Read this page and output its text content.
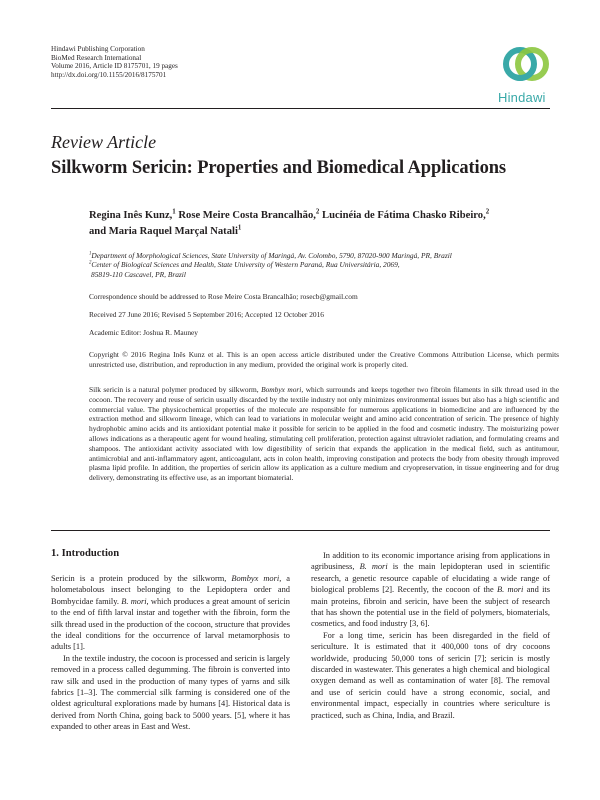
Hindawi Publishing Corporation
BioMed Research International
Volume 2016, Article ID 8175701, 19 pages
http://dx.doi.org/10.1155/2016/8175701
Hindawi
Review Article
Silkworm Sericin: Properties and Biomedical Applications
Regina Inês Kunz,$^1$ Rose Meire Costa Brancalhão,$^2$ Lucinéia de Fátima Chasko Ribeiro,$^2$
and Maria Raquel Marçal Natali$^1$
$^1$Department of Morphological Sciences, State University of Maringá, Av. Colombo, 5790, 87020-900 Maringá, PR, Brazil
$^2$Center of Biological Sciences and Health, State University of Western Paraná, Rua Universitária, 2069,
85819-110 Cascavel, PR, Brazil
Correspondence should be addressed to Rose Meire Costa Brancalhão; rosecb@gmail.com
Received 27 June 2016; Revised 5 September 2016; Accepted 12 October 2016
Academic Editor: Joshua R. Mauney
Copyright © 2016 Regina Inês Kunz et al. This is an open access article distributed under the Creative Commons Attribution License, which permits unrestricted use, distribution, and reproduction in any medium, provided the original work is properly cited.
Silk sericin is a natural polymer produced by silkworm, Bombyx mori, which surrounds and keeps together two fibroin filaments in silk thread used in the cocoon. The recovery and reuse of sericin usually discarded by the textile industry not only minimizes environmental issues but also has a high scientific and commercial value. The physicochemical properties of the molecule are responsible for numerous applications in biomedicine and are influenced by the extraction method and silkworm lineage, which can lead to variations in molecular weight and amino acid concentration of sericin. The presence of highly hydrophobic amino acids and its antioxidant potential make it possible for sericin to be applied in the food and cosmetic industry. The moisturizing power allows indications as a therapeutic agent for wound healing, stimulating cell proliferation, protection against ultraviolet radiation, and formulating creams and shampoos. The antioxidant activity associated with low digestibility of sericin that expands the application in the medical field, such as antitumour, antimicrobial and anti-inflammatory agent, anticoagulant, acts in colon health, improving constipation and protects the body from obesity through improved plasma lipid profile. In addition, the properties of sericin allow its application as a culture medium and cryopreservation, in tissue engineering and for drug delivery, demonstrating its effective use, as an important biomaterial.
1. Introduction

Sericin is a protein produced by the silkworm, Bombyx mori, a holometabolous insect belonging to the Lepidoptera order and Bombycidae family. B. mori, which produces a great amount of sericin to the end of fifth larval instar and together with the fibroin, form the silk thread used in the production of the cocoon, structure that provides the ideal conditions for the occurrence of larval metamorphosis to adults [1].

In the textile industry, the cocoon is processed and sericin is largely removed in a process called degumming. The fibroin is converted into raw silk and used in the production of many types of yarns and silk fabrics [1–3]. The commercial silk farming is considered one of the oldest agricultural explorations made by humans [4]. Historical data is derived from North China, going back to 5000 years. [5], where it has expanded to other areas in East and West.

In addition to its economic importance arising from applications in agribusiness, B. mori is the main lepidopteran used in scientific research, a genetic resource capable of elucidating a wide range of biological problems [2]. Recently, the cocoon of the B. mori and its main proteins, fibroin and sericin, have been the subject of research that has shown the potential use in the field of polymers, biomaterials, cosmetics, and food industry [3, 6].

For a long time, sericin has been disregarded in the field of sericulture. It is estimated that it 400,000 tons of dry cocoons worldwide, producing 50,000 tons of sericin [7]; sericin is mostly discarded in wastewater. This generates a high chemical and biological oxygen demand as well as contamination of water [8]. The removal and use of sericin could have a strong economic, social, and environmental impact, especially in countries where sericulture is practiced, such as China, India, and Brazil.
